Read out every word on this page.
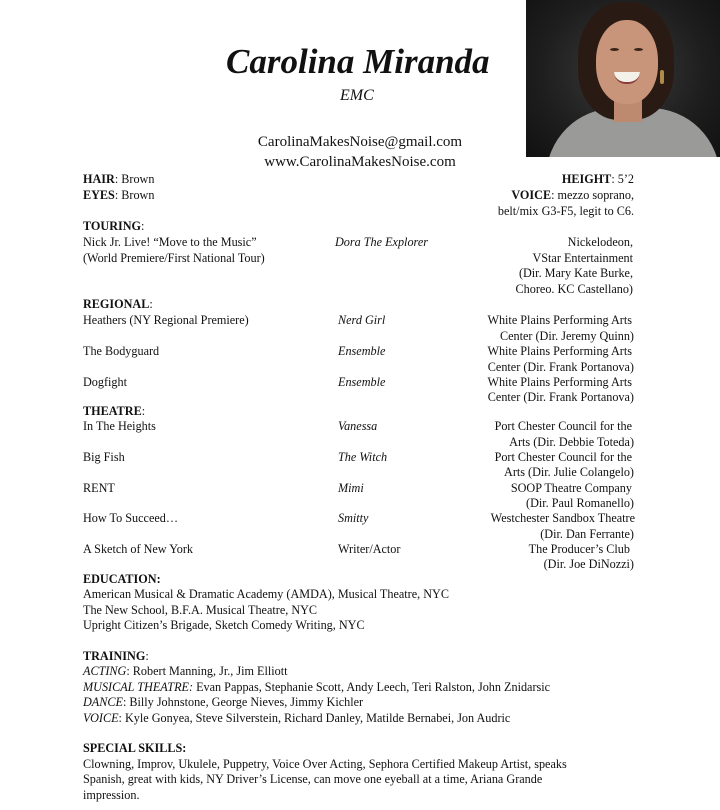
Carolina Miranda
EMC
CarolinaMakesNoise@gmail.com
www.CarolinaMakesNoise.com
HAIR: Brown
EYES: Brown
HEIGHT: 5’2
VOICE: mezzo soprano,
belt/mix G3-F5, legit to C6.
TOURING:
Nick Jr. Live! “Move to the Music”
(World Premiere/First National Tour)
Dora The Explorer	Nickelodeon,
VStar Entertainment
(Dir. Mary Kate Burke,
Choreo. KC Castellano)
REGIONAL:
Heathers (NY Regional Premiere)	Nerd Girl	White Plains Performing Arts
Center (Dir. Jeremy Quinn)
The Bodyguard	Ensemble	White Plains Performing Arts
Center (Dir. Frank Portanova)
Dogfight	Ensemble	White Plains Performing Arts
Center (Dir. Frank Portanova)
THEATRE:
In The Heights	Vanessa	Port Chester Council for the
Arts (Dir. Debbie Toteda)
Big Fish	The Witch	Port Chester Council for the
Arts (Dir. Julie Colangelo)
RENT	Mimi	SOOP Theatre Company
(Dir. Paul Romanello)
How To Succeed…	Smitty	Westchester Sandbox Theatre
(Dir. Dan Ferrante)
A Sketch of New York	Writer/Actor	The Producer’s Club
(Dir. Joe DiNozzi)
EDUCATION:
American Musical & Dramatic Academy (AMDA), Musical Theatre, NYC
The New School, B.F.A. Musical Theatre, NYC
Upright Citizen’s Brigade, Sketch Comedy Writing, NYC
TRAINING:
ACTING: Robert Manning, Jr., Jim Elliott
MUSICAL THEATRE: Evan Pappas, Stephanie Scott, Andy Leech, Teri Ralston, John Znidarsic
DANCE: Billy Johnstone, George Nieves, Jimmy Kichler
VOICE: Kyle Gonyea, Steve Silverstein, Richard Danley, Matilde Bernabei, Jon Audric
SPECIAL SKILLS:
Clowning, Improv, Ukulele, Puppetry, Voice Over Acting, Sephora Certified Makeup Artist, speaks
Spanish, great with kids, NY Driver’s License, can move one eyeball at a time, Ariana Grande
impression.
